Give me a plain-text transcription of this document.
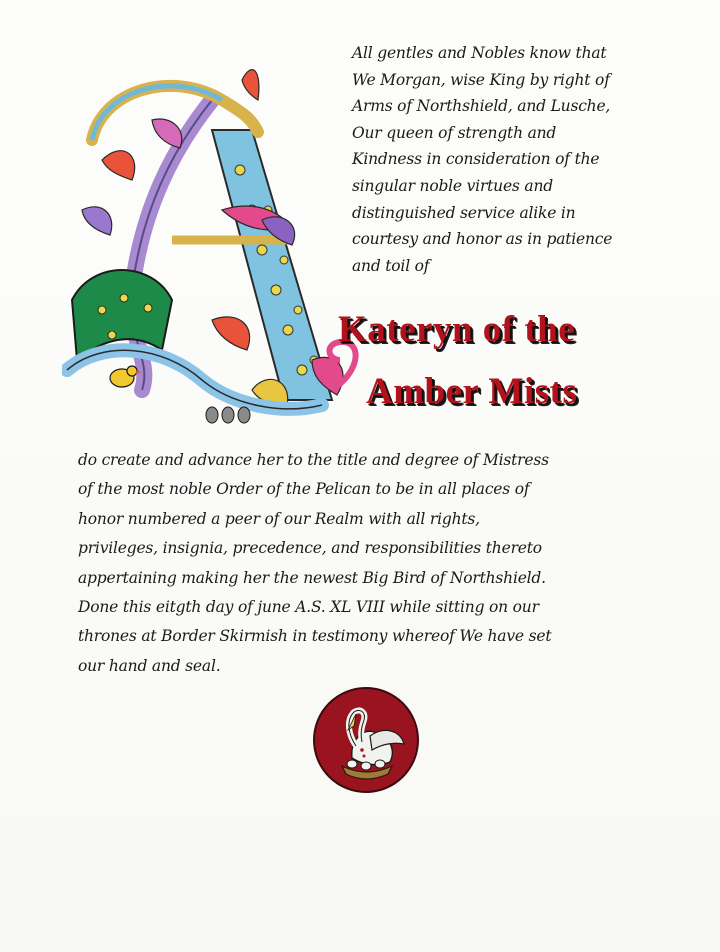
All gentles and Nobles know that
We Morgan, wise King by right of
Arms of Northshield, and Lusche,
Our queen of strength and
Kindness in consideration of the
singular noble virtues and
distinguished service alike in
courtesy and honor as in patience
and toil of
Kateryn of the
Amber Mists
do create and advance her to the title and degree of Mistress
of the most noble Order of the Pelican to be in all places of
honor numbered a peer of our Realm with all rights,
privileges, insignia, precedence, and responsibilities thereto
appertaining making her the newest Big Bird of Northshield.
Done this eitgth day of june A.S. XL VIII while sitting on our
thrones at Border Skirmish in testimony whereof We have set
our hand and seal.
